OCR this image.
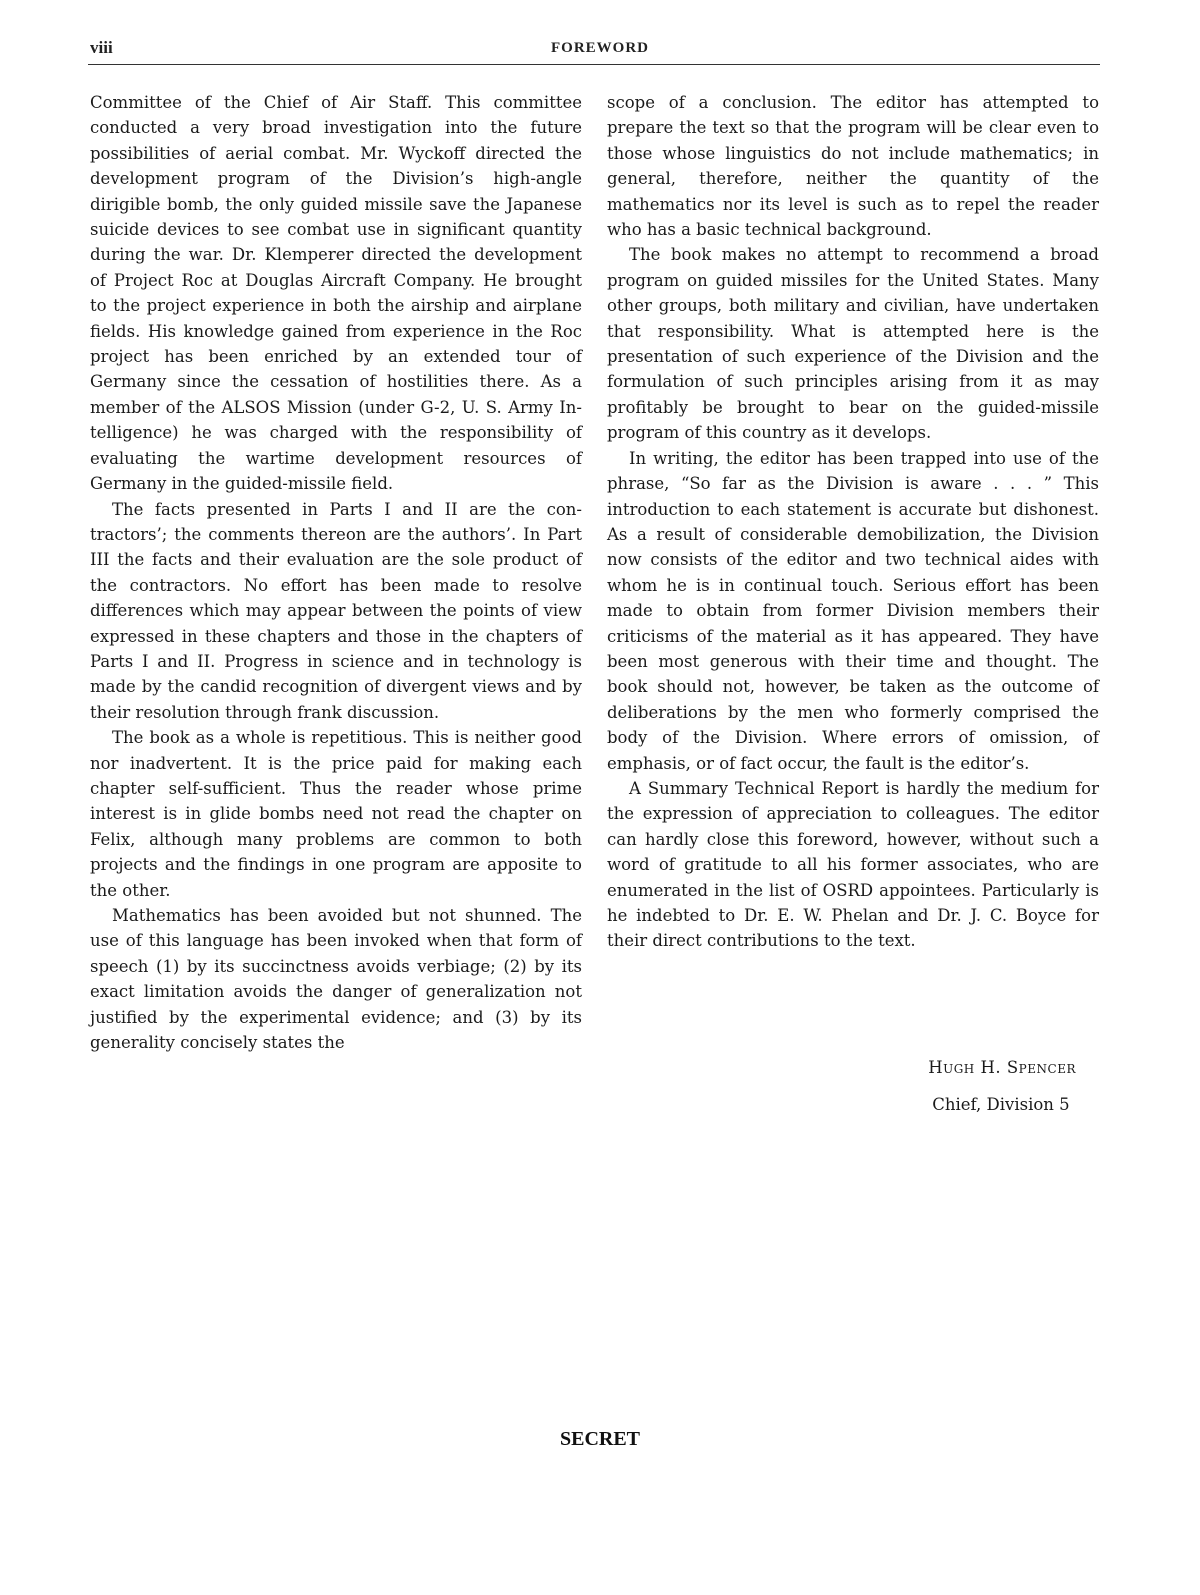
viii	FOREWORD

Committee of the Chief of Air Staff. This committee conducted a very broad investigation into the future possibilities of aerial combat. Mr. Wyckoff directed the development program of the Division’s high-angle dirigible bomb, the only guided missile save the Japanese suicide devices to see combat use in significant quantity during the war. Dr. Klemperer directed the development of Project Roc at Douglas Aircraft Company. He brought to the project experience in both the airship and airplane fields. His knowledge gained from experience in the Roc project has been enriched by an extended tour of Germany since the cessation of hostilities there. As a member of the ALSOS Mission (under G-2, U. S. Army Intelligence) he was charged with the responsibility of evaluating the wartime development resources of Germany in the guided-missile field.

The facts presented in Parts I and II are the contractors’; the comments thereon are the authors’. In Part III the facts and their evaluation are the sole product of the contractors. No effort has been made to resolve differences which may appear between the points of view expressed in these chapters and those in the chapters of Parts I and II. Progress in science and in technology is made by the candid recognition of divergent views and by their resolution through frank discussion.

The book as a whole is repetitious. This is neither good nor inadvertent. It is the price paid for making each chapter self-sufficient. Thus the reader whose prime interest is in glide bombs need not read the chapter on Felix, although many problems are common to both projects and the findings in one program are apposite to the other.

Mathematics has been avoided but not shunned. The use of this language has been invoked when that form of speech (1) by its succinctness avoids verbiage; (2) by its exact limitation avoids the danger of generalization not justified by the experimental evidence; and (3) by its generality concisely states the

scope of a conclusion. The editor has attempted to prepare the text so that the program will be clear even to those whose linguistics do not include mathematics; in general, therefore, neither the quantity of the mathematics nor its level is such as to repel the reader who has a basic technical background.

The book makes no attempt to recommend a broad program on guided missiles for the United States. Many other groups, both military and civilian, have undertaken that responsibility. What is attempted here is the presentation of such experience of the Division and the formulation of such principles arising from it as may profitably be brought to bear on the guided-missile program of this country as it develops.

In writing, the editor has been trapped into use of the phrase, “So far as the Division is aware . . . ” This introduction to each statement is accurate but dishonest. As a result of considerable demobilization, the Division now consists of the editor and two technical aides with whom he is in continual touch. Serious effort has been made to obtain from former Division members their criticisms of the material as it has appeared. They have been most generous with their time and thought. The book should not, however, be taken as the outcome of deliberations by the men who formerly comprised the body of the Division. Where errors of omission, of emphasis, or of fact occur, the fault is the editor’s.

A Summary Technical Report is hardly the medium for the expression of appreciation to colleagues. The editor can hardly close this foreword, however, without such a word of gratitude to all his former associates, who are enumerated in the list of OSRD appointees. Particularly is he indebted to Dr. E. W. Phelan and Dr. J. C. Boyce for their direct contributions to the text.

Hugh H. Spencer
Chief, Division 5
SECRET
